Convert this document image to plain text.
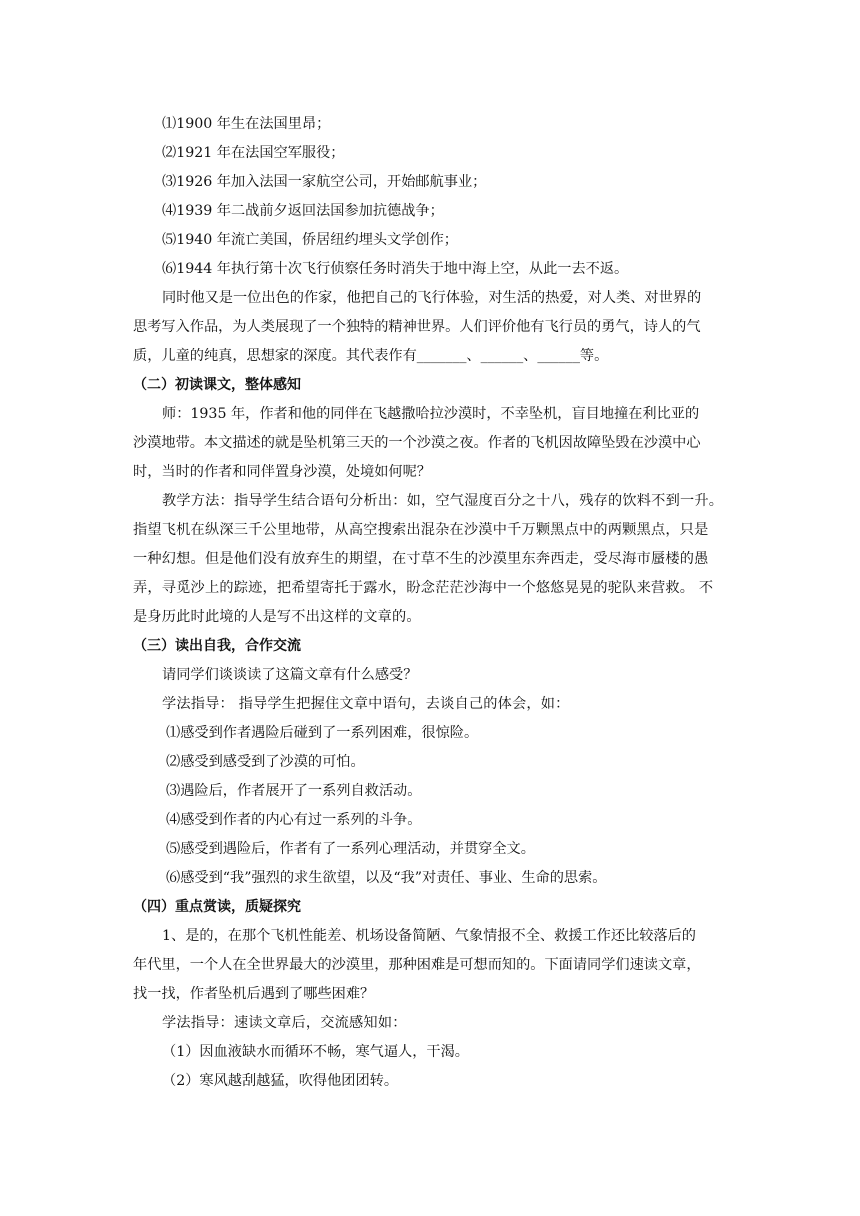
⑴1900 年生在法国里昂；

⑵1921 年在法国空军服役；

⑶1926 年加入法国一家航空公司，开始邮航事业；

⑷1939 年二战前夕返回法国参加抗德战争；

⑸1940 年流亡美国，侨居纽约埋头文学创作；

⑹1944 年执行第十次飞行侦察任务时消失于地中海上空，从此一去不返。

同时他又是一位出色的作家，他把自己的飞行体验，对生活的热爱，对人类、对世界的

思考写入作品，为人类展现了一个独特的精神世界。人们评价他有飞行员的勇气，诗人的气

质，儿童的纯真，思想家的深度。其代表作有_______、______、______等。

（二）初读课文，整体感知

师：1935 年，作者和他的同伴在飞越撒哈拉沙漠时，不幸坠机，盲目地撞在利比亚的

沙漠地带。本文描述的就是坠机第三天的一个沙漠之夜。作者的飞机因故障坠毁在沙漠中心

时，当时的作者和同伴置身沙漠，处境如何呢？

教学方法：指导学生结合语句分析出：如，空气湿度百分之十八，残存的饮料不到一升。

指望飞机在纵深三千公里地带，从高空搜索出混杂在沙漠中千万颗黑点中的两颗黑点，只是

一种幻想。但是他们没有放弃生的期望，在寸草不生的沙漠里东奔西走，受尽海市蜃楼的愚

弄，寻觅沙上的踪迹，把希望寄托于露水，盼念茫茫沙海中一个悠悠晃晃的驼队来营救。 不

是身历此时此境的人是写不出这样的文章的。

（三）读出自我，合作交流

请同学们谈谈读了这篇文章有什么感受？

学法指导： 指导学生把握住文章中语句，去谈自己的体会，如：

⑴感受到作者遇险后碰到了一系列困难，很惊险。

⑵感受到感受到了沙漠的可怕。

⑶遇险后，作者展开了一系列自救活动。

⑷感受到作者的内心有过一系列的斗争。

⑸感受到遇险后，作者有了一系列心理活动，并贯穿全文。

⑹感受到“我”强烈的求生欲望，以及“我”对责任、事业、生命的思索。

（四）重点赏读，质疑探究

1、是的，在那个飞机性能差、机场设备简陋、气象情报不全、救援工作还比较落后的

年代里，一个人在全世界最大的沙漠里，那种困难是可想而知的。下面请同学们速读文章，

找一找，作者坠机后遇到了哪些困难？

学法指导：速读文章后，交流感知如：

（1）因血液缺水而循环不畅，寒气逼人，干渴。

（2）寒风越刮越猛，吹得他团团转。
